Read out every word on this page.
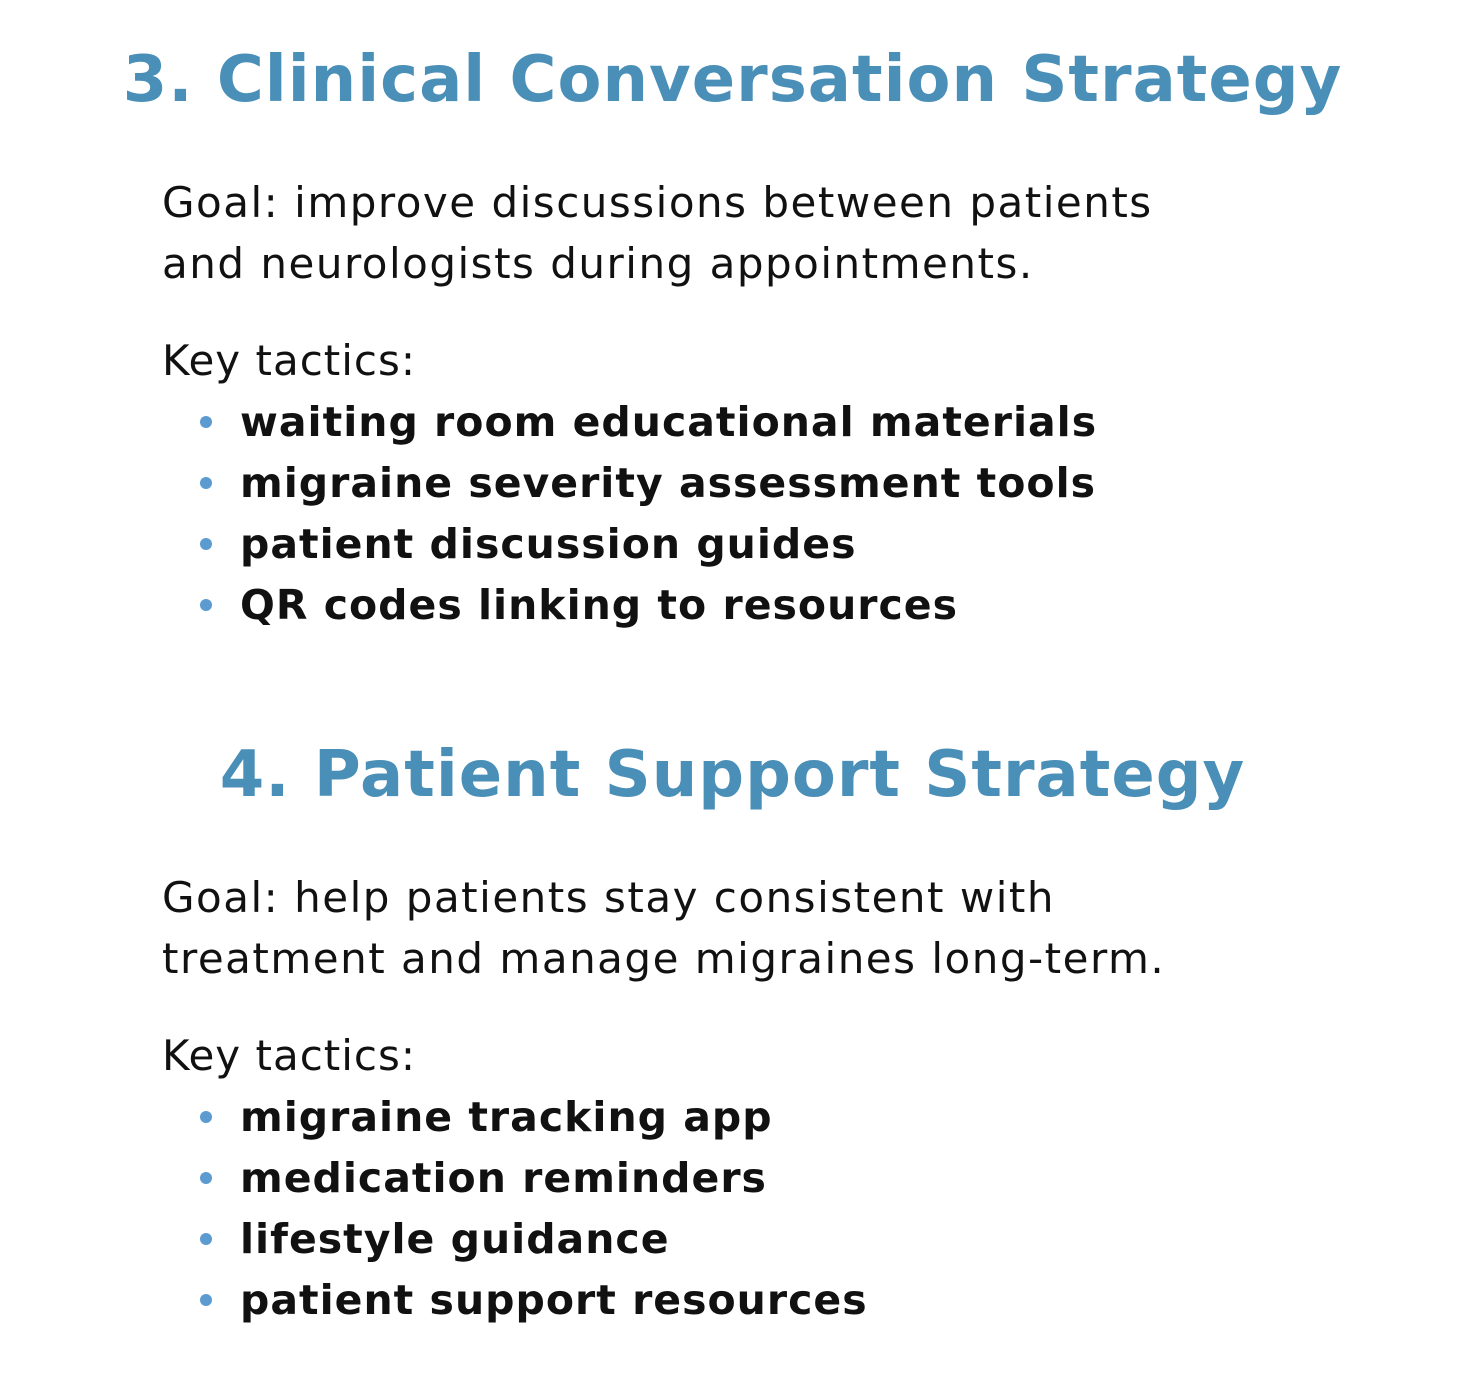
3. Clinical Conversation Strategy

Goal: improve discussions between patients
and neurologists during appointments.

Key tactics:

waiting room educational materials
migraine severity assessment tools
patient discussion guides
QR codes linking to resources
4. Patient Support Strategy

Goal: help patients stay consistent with
treatment and manage migraines long-term.

Key tactics:

migraine tracking app
medication reminders
lifestyle guidance
patient support resources
